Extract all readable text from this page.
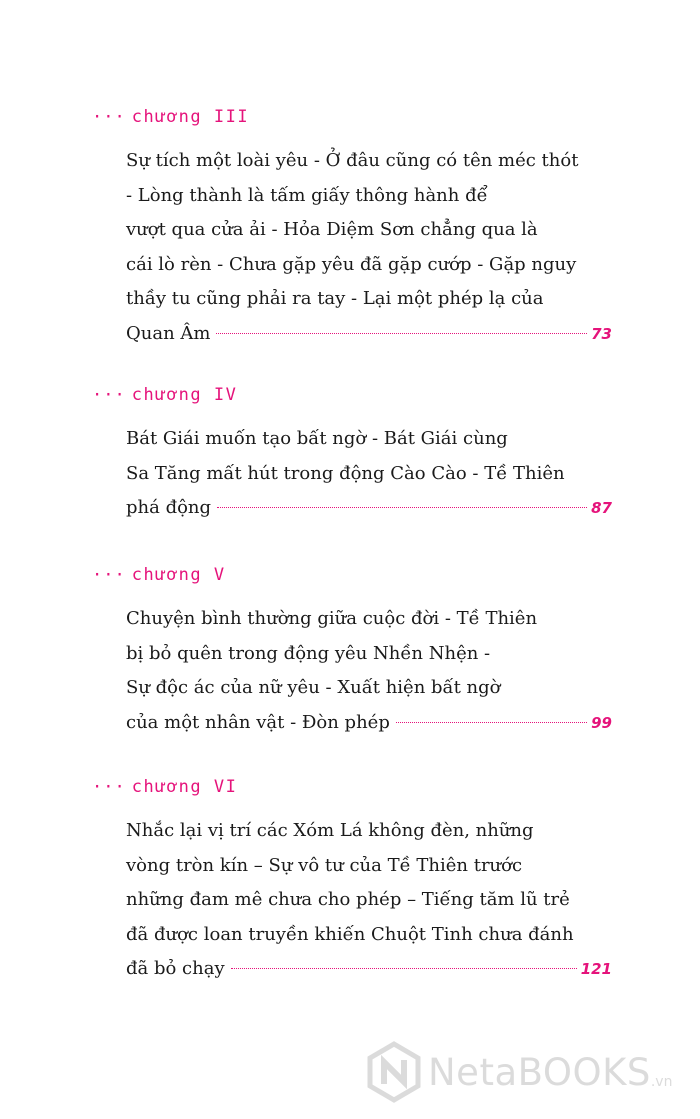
··· chương III
Sự tích một loài yêu - Ở đâu cũng có tên méc thót
- Lòng thành là tấm giấy thông hành để
vượt qua cửa ải - Hỏa Diệm Sơn chẳng qua là
cái lò rèn - Chưa gặp yêu đã gặp cướp - Gặp nguy
thầy tu cũng phải ra tay - Lại một phép lạ của
Quan Âm	73
··· chương IV
Bát Giái muốn tạo bất ngờ - Bát Giái cùng
Sa Tăng mất hút trong động Cào Cào - Tề Thiên
phá động	87
··· chương V
Chuyện bình thường giữa cuộc đời - Tề Thiên
bị bỏ quên trong động yêu Nhền Nhện -
Sự độc ác của nữ yêu - Xuất hiện bất ngờ
của một nhân vật - Đòn phép	99
··· chương VI
Nhắc lại vị trí các Xóm Lá không đèn, những
vòng tròn kín – Sự vô tư của Tề Thiên trước
những đam mê chưa cho phép – Tiếng tăm lũ trẻ
đã được loan truyền khiến Chuột Tinh chưa đánh
đã bỏ chạy	121
NetaBOOKS .vn
